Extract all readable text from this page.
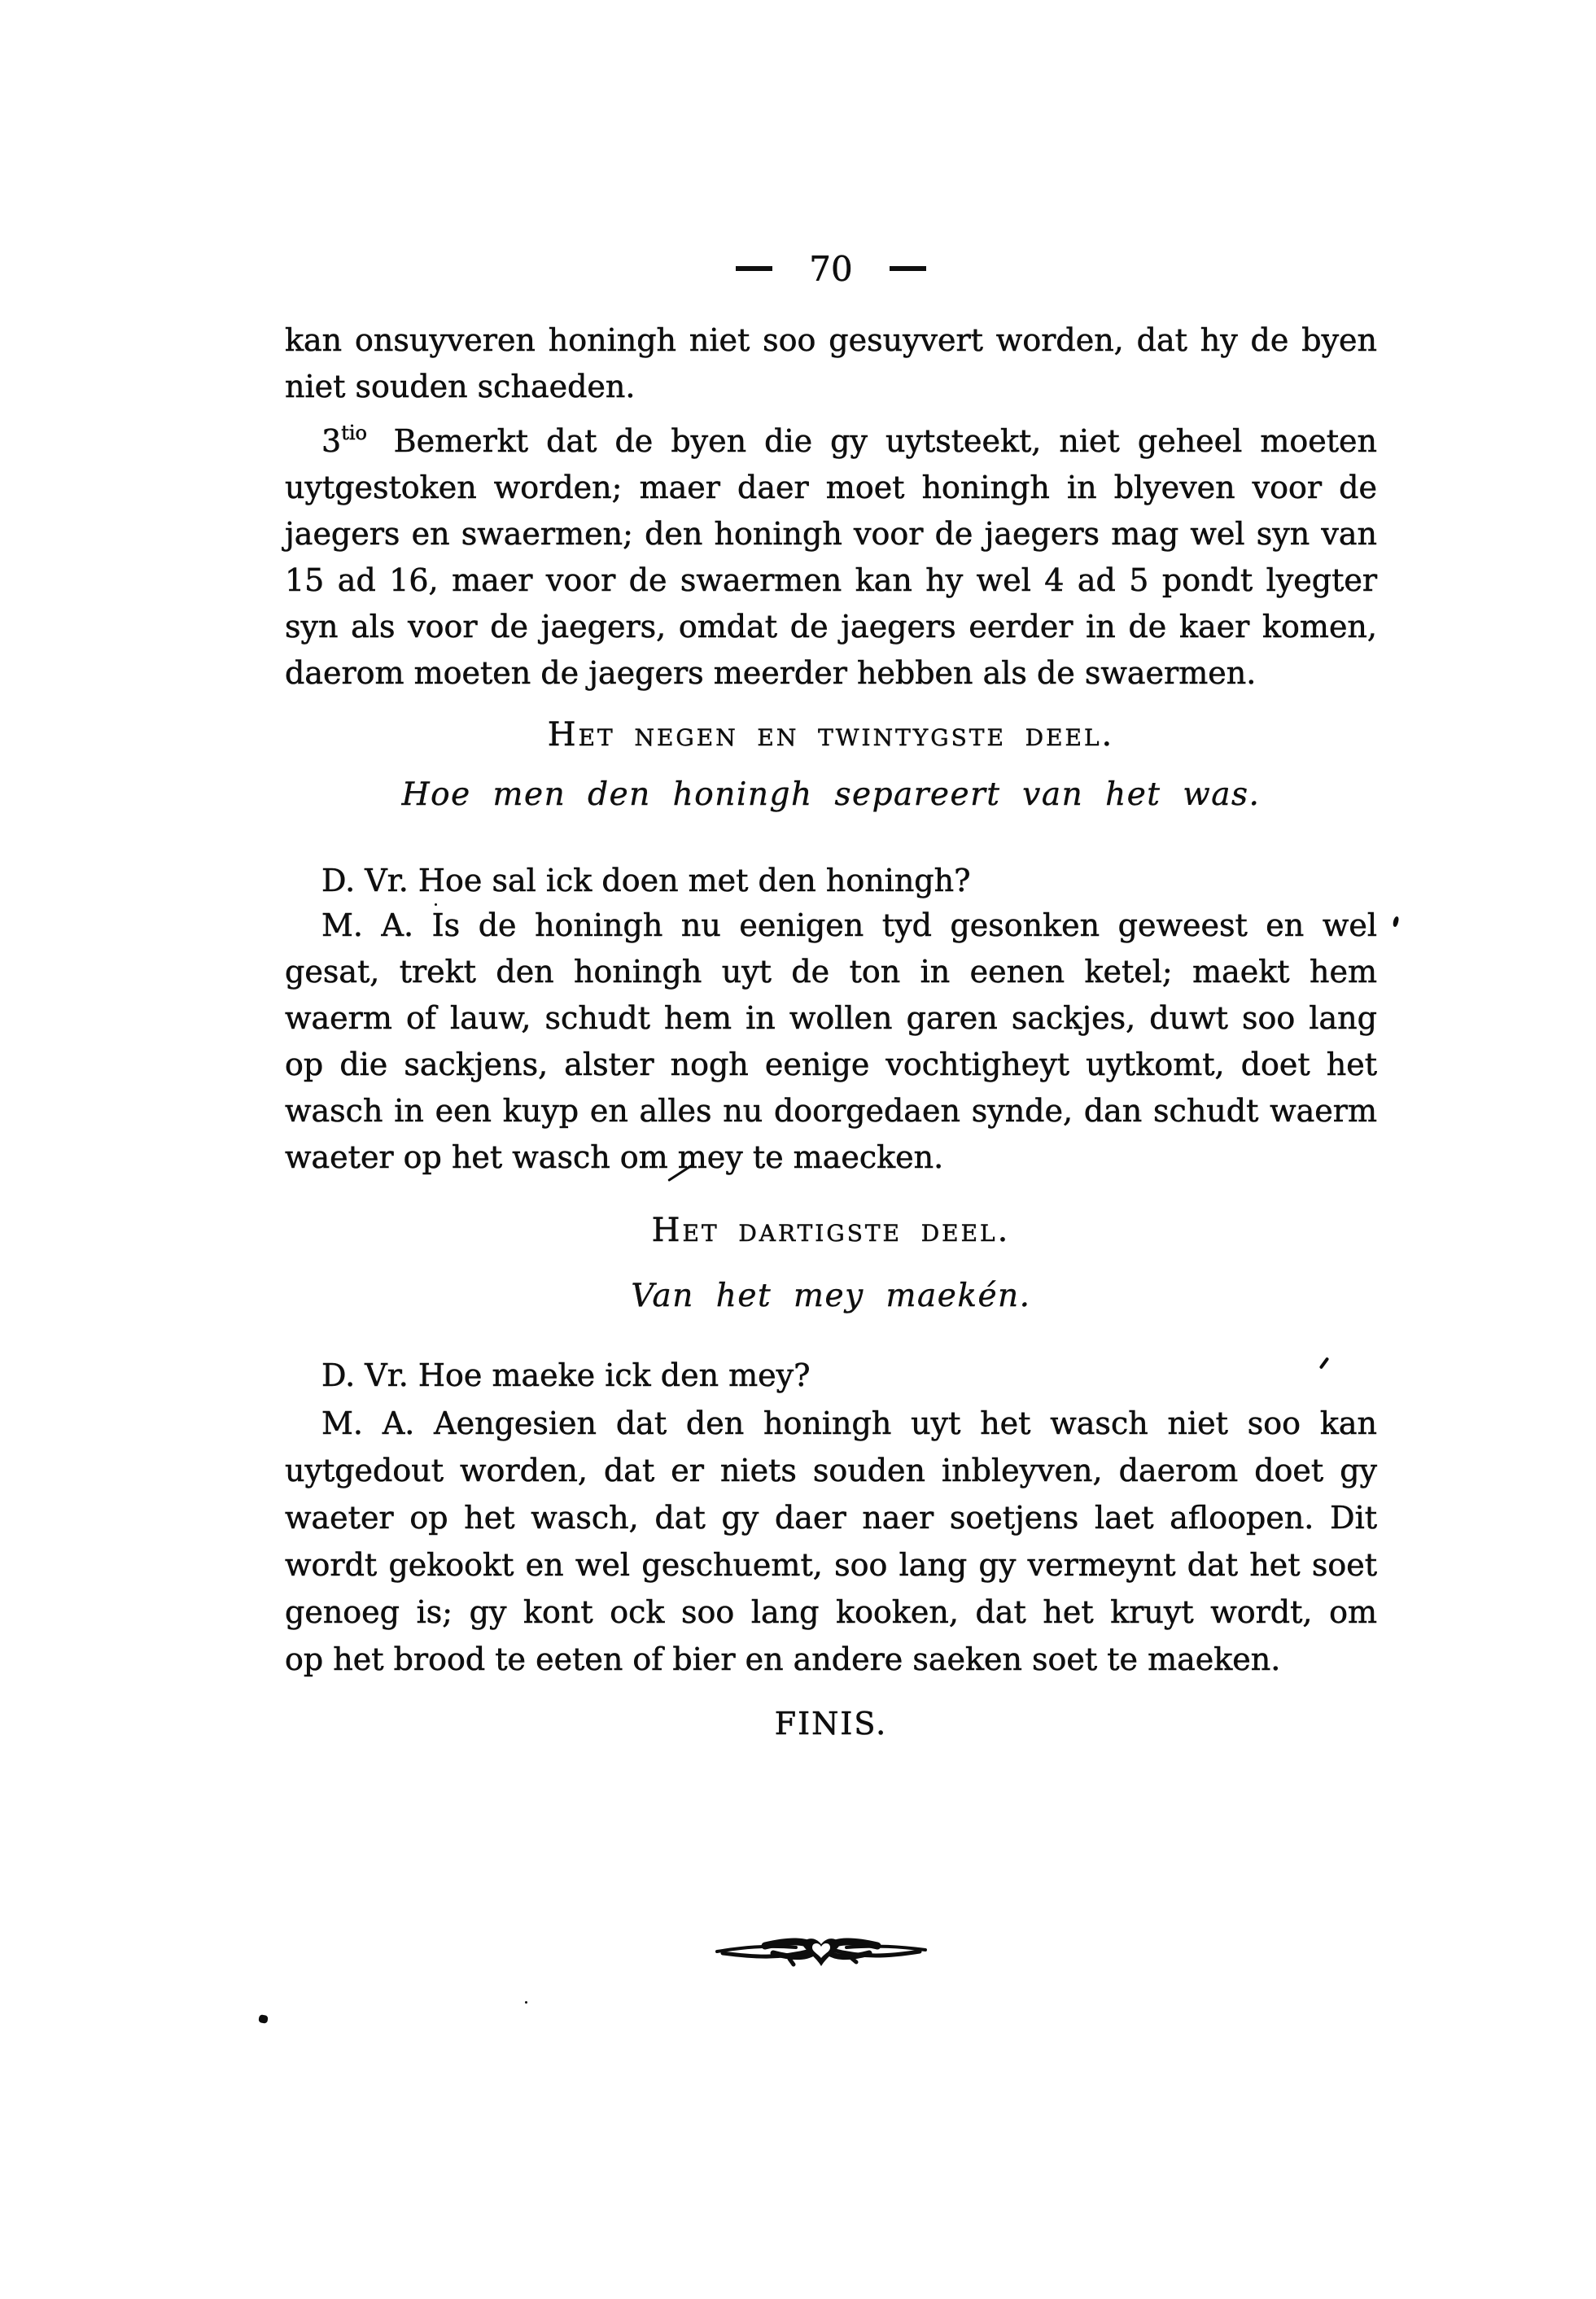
70
kan onsuyveren honingh niet soo gesuyvert worden, dat hy de byen
niet souden schaeden.
$3^{tio}$ Bemerkt dat de byen die gy uytsteekt, niet geheel moeten
uytgestoken worden; maer daer moet honingh in blyeven voor de
jaegers en swaermen; den honingh voor de jaegers mag wel syn van
15 ad 16, maer voor de swaermen kan hy wel 4 ad 5 pondt lyegter
syn als voor de jaegers, omdat de jaegers eerder in de kaer komen,
daerom moeten de jaegers meerder hebben als de swaermen.
Het negen en twintygste deel.
Hoe men den honingh separeert van het was.
D. Vr. Hoe sal ick doen met den honingh?
M. A. Is de honingh nu eenigen tyd gesonken geweest en wel
gesat, trekt den honingh uyt de ton in eenen ketel; maekt hem
waerm of lauw, schudt hem in wollen garen sackjes, duwt soo lang
op die sackjens, alster nogh eenige vochtigheyt uytkomt, doet het
wasch in een kuyp en alles nu doorgedaen synde, dan schudt waerm
waeter op het wasch om mey te maecken.
Het dartigste deel.
Van het mey maekén.
D. Vr. Hoe maeke ick den mey?
M. A. Aengesien dat den honingh uyt het wasch niet soo kan
uytgedout worden, dat er niets souden inbleyven, daerom doet gy
waeter op het wasch, dat gy daer naer soetjens laet afloopen. Dit
wordt gekookt en wel geschuemt, soo lang gy vermeynt dat het soet
genoeg is; gy kont ock soo lang kooken, dat het kruyt wordt, om
op het brood te eeten of bier en andere saeken soet te maeken.
FINIS.
